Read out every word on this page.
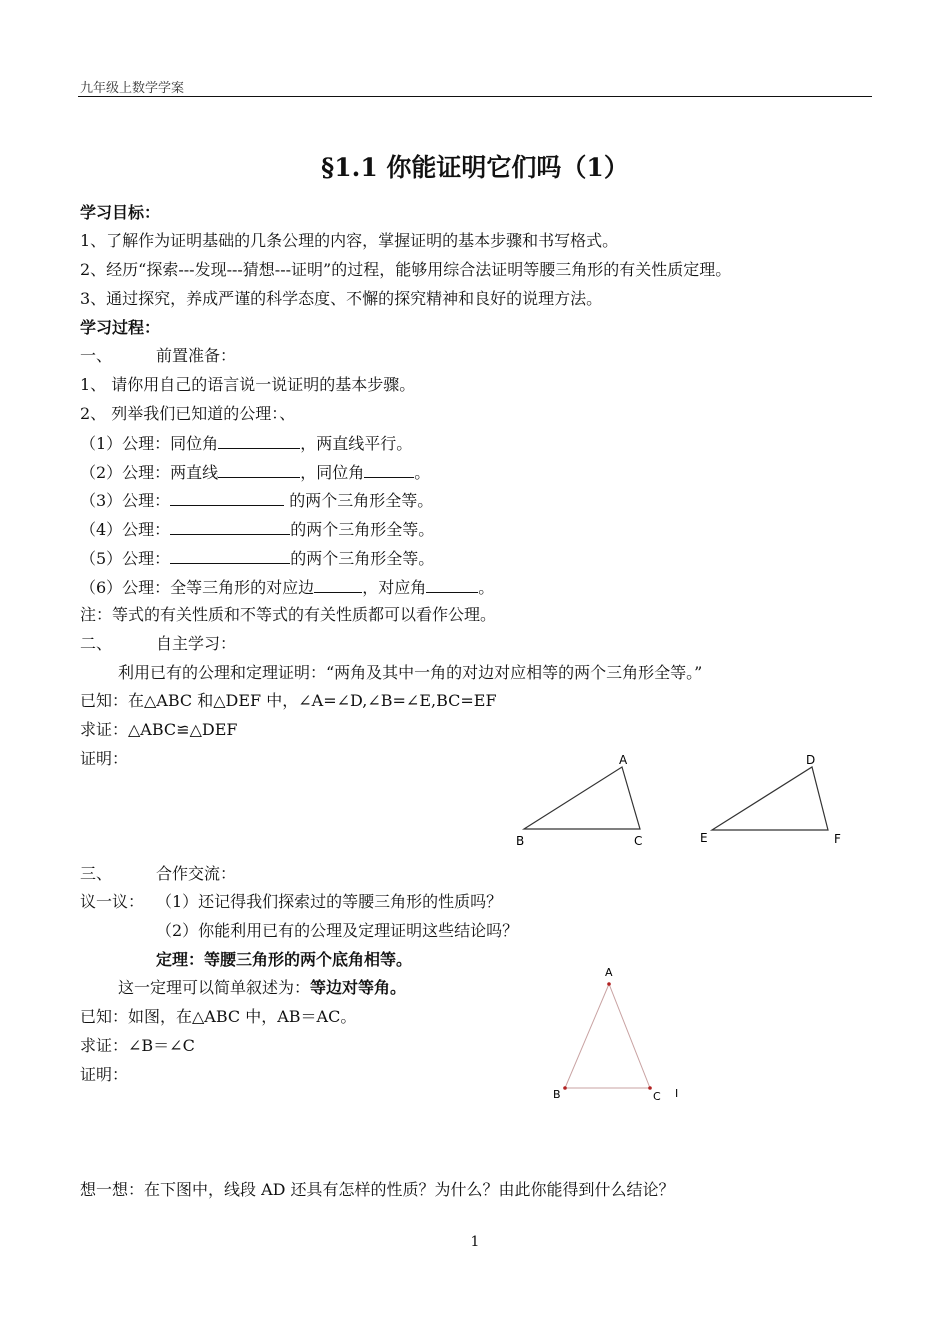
九年级上数学学案
§1.1 你能证明它们吗（1）
学习目标：
1、了解作为证明基础的几条公理的内容，掌握证明的基本步骤和书写格式。
2、经历“探索---发现---猜想---证明”的过程，能够用综合法证明等腰三角形的有关性质定理。
3、通过探究，养成严谨的科学态度、不懈的探究精神和良好的说理方法。
学习过程：
一、	前置准备：
1、 请你用自己的语言说一说证明的基本步骤。
2、 列举我们已知道的公理：、
（1）公理：同位角	，两直线平行。
（2）公理：两直线	，同位角	。
（3）公理：	的两个三角形全等。
（4）公理：	的两个三角形全等。
（5）公理：	的两个三角形全等。
（6）公理：全等三角形的对应边	，对应角	。
注：等式的有关性质和不等式的有关性质都可以看作公理。
二、	自主学习：
利用已有的公理和定理证明：“两角及其中一角的对边对应相等的两个三角形全等。”
已知：在△ABC 和△DEF 中，∠A=∠D,∠B=∠E,BC=EF
求证：△ABC≌△DEF
证明：	A
B	C
D
E	F
三、	合作交流：
议一议： （1）还记得我们探索过的等腰三角形的性质吗？
（2）你能利用已有的公理及定理证明这些结论吗？
定理：等腰三角形的两个底角相等。
这一定理可以简单叙述为：等边对等角。
已知：如图，在△ABC 中，AB＝AC。
求证：∠B＝∠C
证明：
A
B	C I
想一想：在下图中，线段 AD 还具有怎样的性质？为什么？由此你能得到什么结论？
1
